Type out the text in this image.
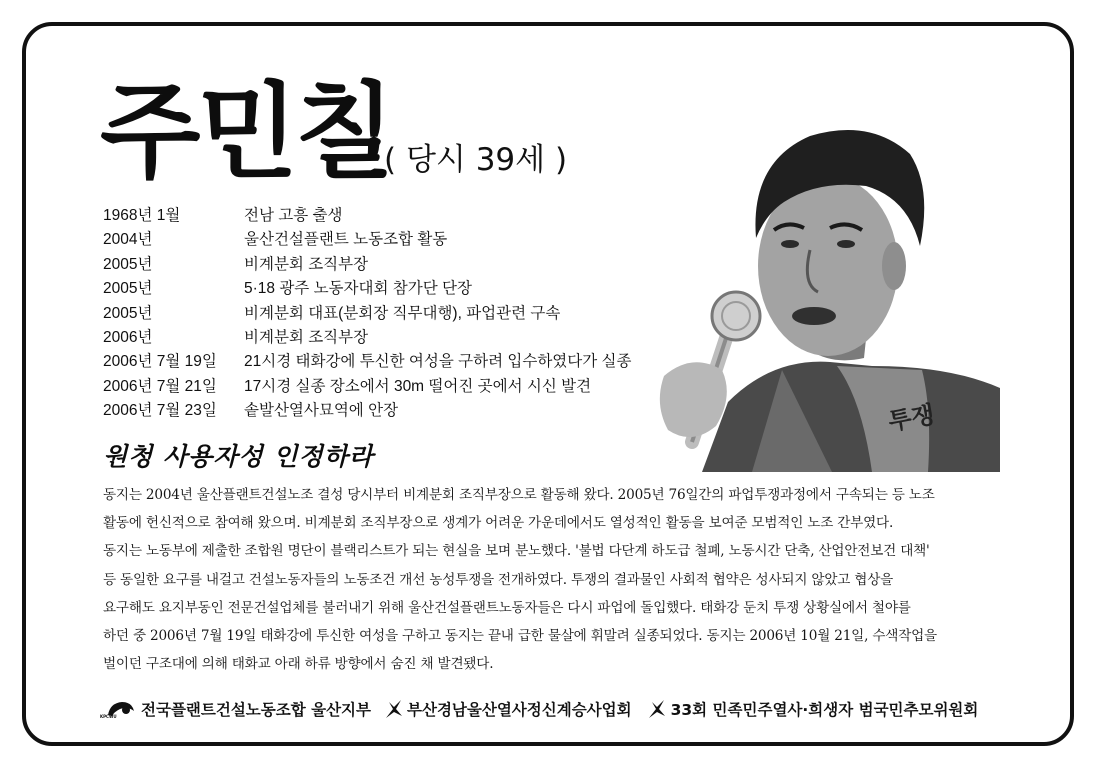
주민칠
( 당시 39세 )
1968년 1월	전남 고흥 출생
2004년	울산건설플랜트 노동조합 활동
2005년	비계분회 조직부장
2005년	5·18 광주 노동자대회 참가단 단장
2005년	비계분회 대표(분회장 직무대행), 파업관련 구속
2006년	비계분회 조직부장
2006년 7월 19일 21시경 태화강에 투신한 여성을 구하려 입수하였다가 실종
2006년 7월 21일 17시경 실종 장소에서 30m 떨어진 곳에서 시신 발견
2006년 7월 23일 솥발산열사묘역에 안장	투쟁
원청 사용자성 인정하라
동지는 2004년 울산플랜트건설노조 결성 당시부터 비계분회 조직부장으로 활동해 왔다. 2005년 76일간의 파업투쟁과정에서 구속되는 등 노조
활동에 헌신적으로 참여해 왔으며. 비계분회 조직부장으로 생계가 어려운 가운데에서도 열성적인 활동을 보여준 모범적인 노조 간부였다.
동지는 노동부에 제출한 조합원 명단이 블랙리스트가 되는 현실을 보며 분노했다. '불법 다단계 하도급 철폐, 노동시간 단축, 산업안전보건 대책'
등 동일한 요구를 내걸고 건설노동자들의 노동조건 개선 농성투쟁을 전개하였다. 투쟁의 결과물인 사회적 협약은 성사되지 않았고 협상을
요구해도 요지부동인 전문건설업체를 불러내기 위해 울산건설플랜트노동자들은 다시 파업에 돌입했다. 태화강 둔치 투쟁 상황실에서 철야를
하던 중 2006년 7월 19일 태화강에 투신한 여성을 구하고 동지는 끝내 급한 물살에 휘말려 실종되었다. 동지는 2006년 10월 21일, 수색작업을
벌이던 구조대에 의해 태화교 아래 하류 방향에서 숨진 채 발견됐다.
KPCWU 전국플랜트건설노동조합 울산지부 부산경남울산열사정신계승사업회	33회 민족민주열사·희생자 범국민추모위원회
